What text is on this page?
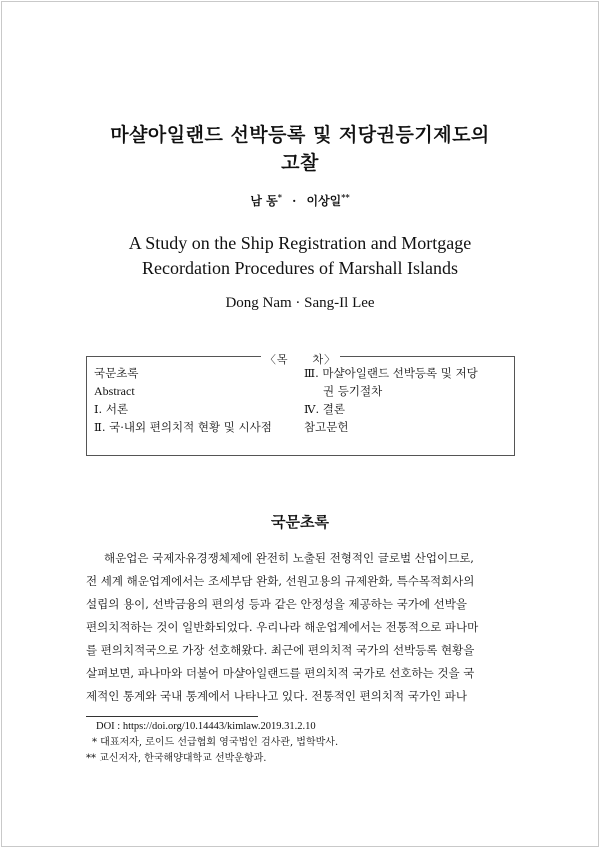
마샬아일랜드 선박등록 및 저당권등기제도의
고찰
남 동* · 이상일**
A Study on the Ship Registration and Mortgage
Recordation Procedures of Marshall Islands
Dong Nam · Sang-Il Lee
〈목　　차〉
국문초록
Abstract
Ⅰ. 서론
Ⅱ. 국·내외 편의치적 현황 및 시사점
Ⅲ. 마샬아일랜드 선박등록 및 저당
권 등기절차
Ⅳ. 결론
참고문헌
국문초록
해운업은 국제자유경쟁체제에 완전히 노출된 전형적인 글로벌 산업이므로,
전 세계 해운업계에서는 조세부담 완화, 선원고용의 규제완화, 특수목적회사의
설립의 용이, 선박금융의 편의성 등과 같은 안정성을 제공하는 국가에 선박을
편의치적하는 것이 일반화되었다. 우리나라 해운업계에서는 전통적으로 파나마
를 편의치적국으로 가장 선호해왔다. 최근에 편의치적 국가의 선박등록 현황을
살펴보면, 파나마와 더불어 마샬아일랜드를 편의치적 국가로 선호하는 것을 국
제적인 통계와 국내 통계에서 나타나고 있다. 전통적인 편의치적 국가인 파나
DOI : https://doi.org/10.14443/kimlaw.2019.31.2.10
* 대표저자, 로이드 선급협회 영국법인 검사관, 법학박사.
** 교신저자, 한국해양대학교 선박운항과.
